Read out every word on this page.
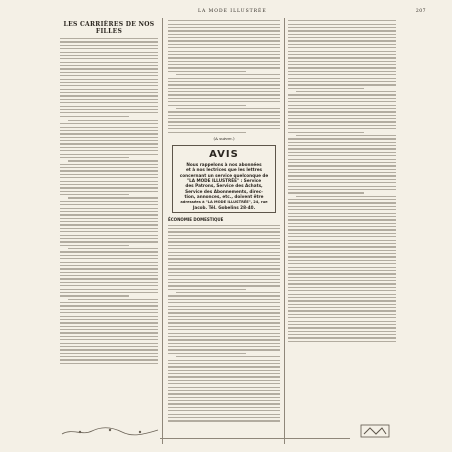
LA MODE ILLUSTRÉE	207
LES CARRIÈRES DE NOS FILLES
(A suivre.)
AVIS
Nous rappelons à nos abonnées
et à nos lectrices que les lettres
concernant un service quelconque de
"LA MODE ILLUSTRÉE" : Service
des Patrons, Service des Achats,
Service des Abonnements, direc-
tion, annonces, etc., doivent être
adressées à "LA MODE ILLUSTRÉE", 24, rue
Jacob. Tél. Gobelins 28-40.
ÉCONOMIE DOMESTIQUE
